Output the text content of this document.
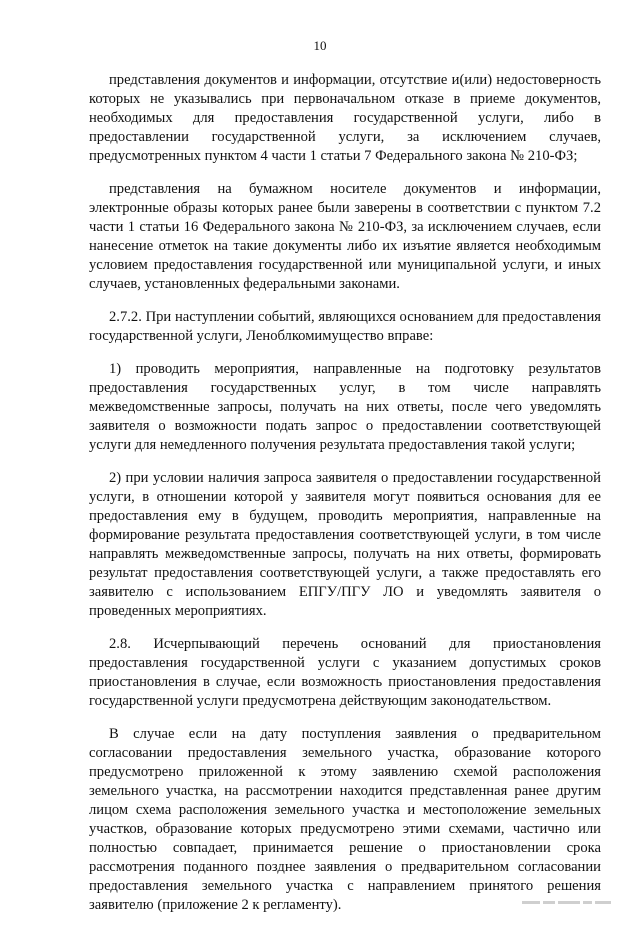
10

представления документов и информации, отсутствие и(или) недостоверность которых не указывались при первоначальном отказе в приеме документов, необходимых для предоставления государственной услуги, либо в предоставлении государственной услуги, за исключением случаев, предусмотренных пунктом 4 части 1 статьи 7 Федерального закона № 210-ФЗ;

представления на бумажном носителе документов и информации, электронные образы которых ранее были заверены в соответствии с пунктом 7.2 части 1 статьи 16 Федерального закона № 210-ФЗ, за исключением случаев, если нанесение отметок на такие документы либо их изъятие является необходимым условием предоставления государственной или муниципальной услуги, и иных случаев, установленных федеральными законами.

2.7.2. При наступлении событий, являющихся основанием для предоставления государственной услуги, Леноблкомимущество вправе:

1) проводить мероприятия, направленные на подготовку результатов предоставления государственных услуг, в том числе направлять межведомственные запросы, получать на них ответы, после чего уведомлять заявителя о возможности подать запрос о предоставлении соответствующей услуги для немедленного получения результата предоставления такой услуги;

2) при условии наличия запроса заявителя о предоставлении государственной услуги, в отношении которой у заявителя могут появиться основания для ее предоставления ему в будущем, проводить мероприятия, направленные на формирование результата предоставления соответствующей услуги, в том числе направлять межведомственные запросы, получать на них ответы, формировать результат предоставления соответствующей услуги, а также предоставлять его заявителю с использованием ЕПГУ/ПГУ ЛО и уведомлять заявителя о проведенных мероприятиях.

2.8. Исчерпывающий перечень оснований для приостановления предоставления государственной услуги с указанием допустимых сроков приостановления в случае, если возможность приостановления предоставления государственной услуги предусмотрена действующим законодательством.

В случае если на дату поступления заявления о предварительном согласовании предоставления земельного участка, образование которого предусмотрено приложенной к этому заявлению схемой расположения земельного участка, на рассмотрении находится представленная ранее другим лицом схема расположения земельного участка и местоположение земельных участков, образование которых предусмотрено этими схемами, частично или полностью совпадает, принимается решение о приостановлении срока рассмотрения поданного позднее заявления о предварительном согласовании предоставления земельного участка с направлением принятого решения заявителю (приложение 2 к регламенту).
